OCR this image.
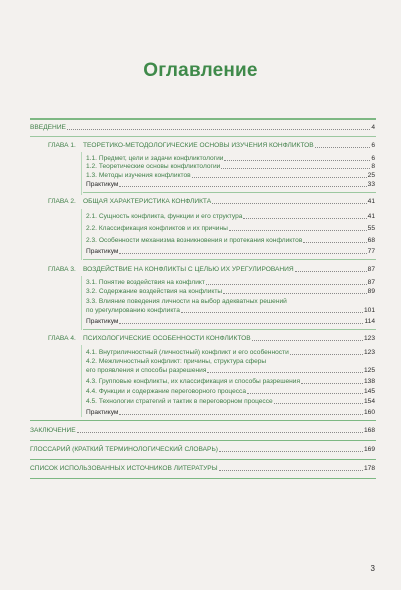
Оглавление
ВВЕДЕНИЕ	4
ГЛАВА 1. ТЕОРЕТИКО-МЕТОДОЛОГИЧЕСКИЕ ОСНОВЫ ИЗУЧЕНИЯ КОНФЛИКТОВ	6
1.1. Предмет, цели и задачи конфликтологии	6
1.2. Теоретические основы конфликтологии	8
1.3. Методы изучения конфликтов	25
Практикум	33
ГЛАВА 2. ОБЩАЯ ХАРАКТЕРИСТИКА КОНФЛИКТА	41
2.1. Сущность конфликта, функции и его структура	41
2.2. Классификация конфликтов и их причины	55
2.3. Особенности механизма возникновения и протекания конфликтов	68
Практикум	77
ГЛАВА 3. ВОЗДЕЙСТВИЕ НА КОНФЛИКТЫ С ЦЕЛЬЮ ИХ УРЕГУЛИРОВАНИЯ	87
3.1. Понятие воздействия на конфликт	87
3.2. Содержание воздействия на конфликты	89
3.3. Влияние поведения личности на выбор адекватных решений
по урегулированию конфликта	101
Практикум	114
ГЛАВА 4. ПСИХОЛОГИЧЕСКИЕ ОСОБЕННОСТИ КОНФЛИКТОВ	123
4.1. Внутриличностный (личностный) конфликт и его особенности	123
4.2. Межличностный конфликт: причины, структура сферы
его проявления и способы разрешения	125
4.3. Групповые конфликты, их классификация и способы разрешения	138
4.4. Функции и содержание переговорного процесса	145
4.5. Технологии стратегий и тактик в переговорном процессе	154
Практикум	160
ЗАКЛЮЧЕНИЕ	168
ГЛОССАРИЙ (КРАТКИЙ ТЕРМИНОЛОГИЧЕСКИЙ СЛОВАРЬ)	169
СПИСОК ИСПОЛЬЗОВАННЫХ ИСТОЧНИКОВ ЛИТЕРАТУРЫ	178
3
